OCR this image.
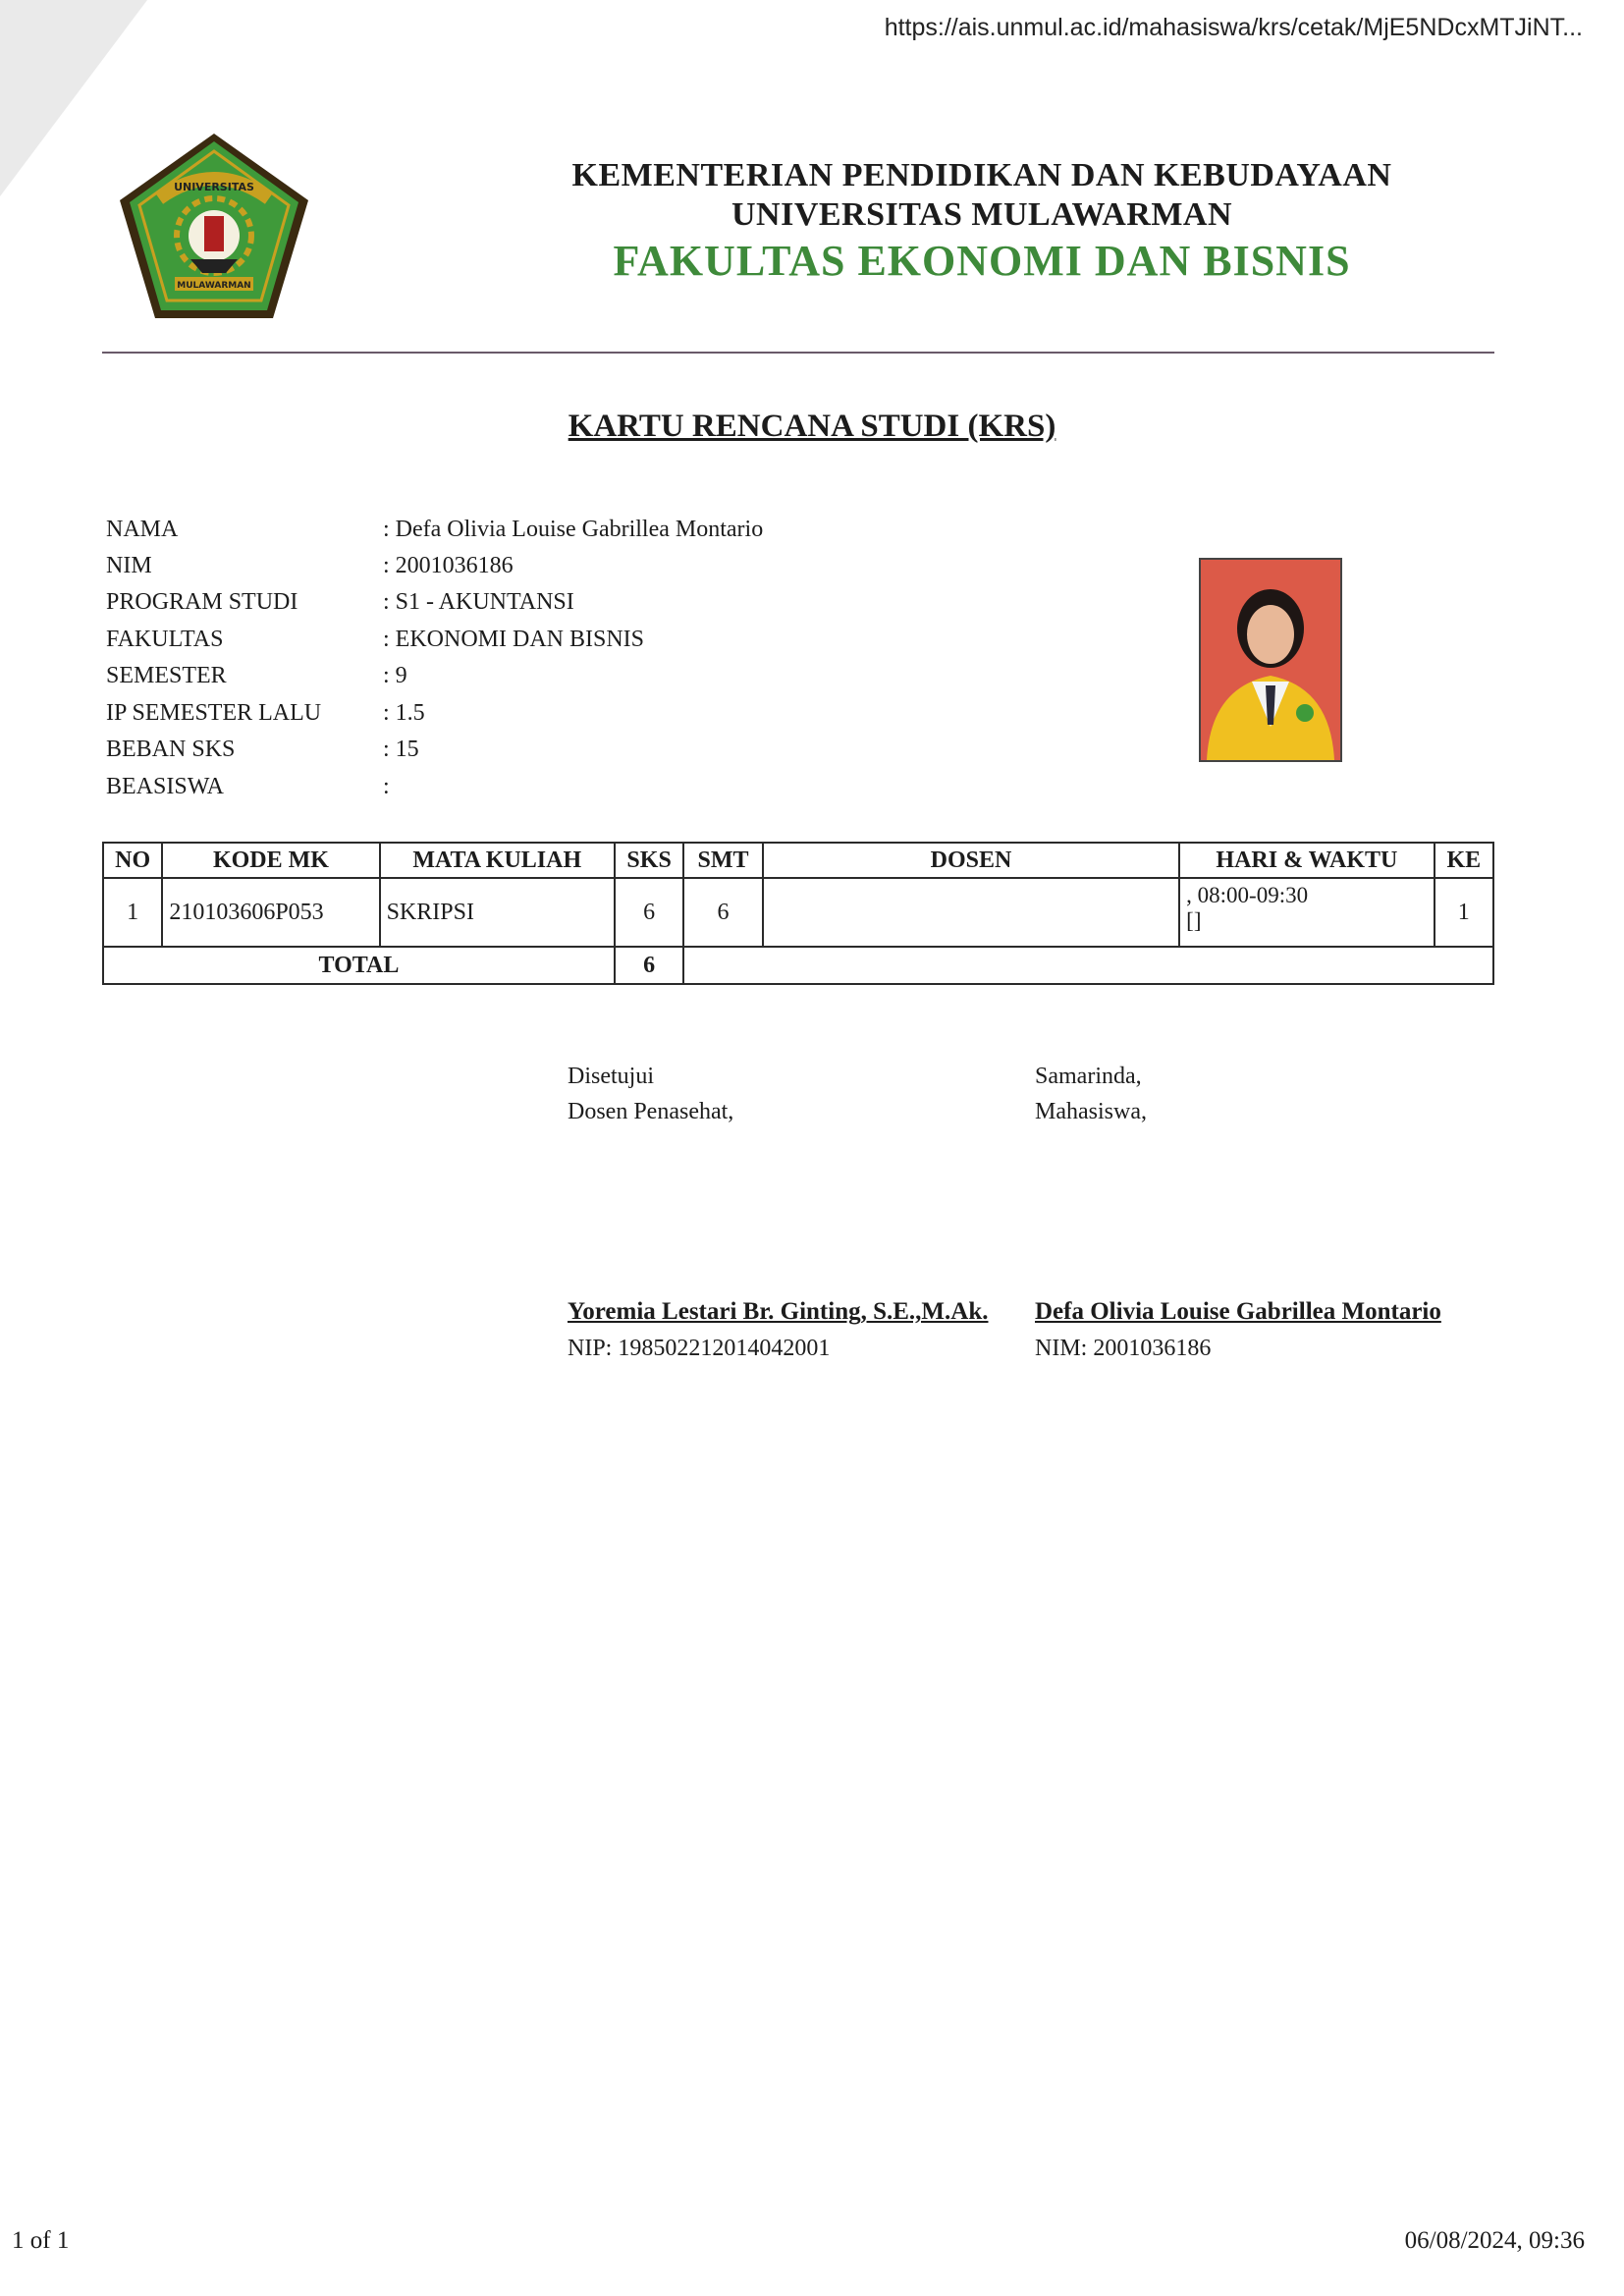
https://ais.unmul.ac.id/mahasiswa/krs/cetak/MjE5NDcxMTJiNT...
UNIVERSITAS
MULAWARMAN
KEMENTERIAN PENDIDIKAN DAN KEBUDAYAAN
UNIVERSITAS MULAWARMAN
FAKULTAS EKONOMI DAN BISNIS
KARTU RENCANA STUDI (KRS)
NAMA	: Defa Olivia Louise Gabrillea Montario
NIM	: 2001036186
PROGRAM STUDI	: S1 - AKUNTANSI
FAKULTAS	: EKONOMI DAN BISNIS
SEMESTER	: 9
IP SEMESTER LALU	: 1.5
BEBAN SKS	: 15
BEASISWA	:
NO	KODE MK	MATA KULIAH	SKS	SMT	DOSEN	HARI & WAKTU	KE
1	210103606P053	SKRIPSI	6	6		, 08:00-09:30
[]	1
TOTAL			6				
Disetujui
Dosen Penasehat,
Yoremia Lestari Br. Ginting, S.E.,M.Ak.
NIP: 198502212014042001
Samarinda,
Mahasiswa,
Defa Olivia Louise Gabrillea Montario
NIM: 2001036186
1 of 1	06/08/2024, 09:36
